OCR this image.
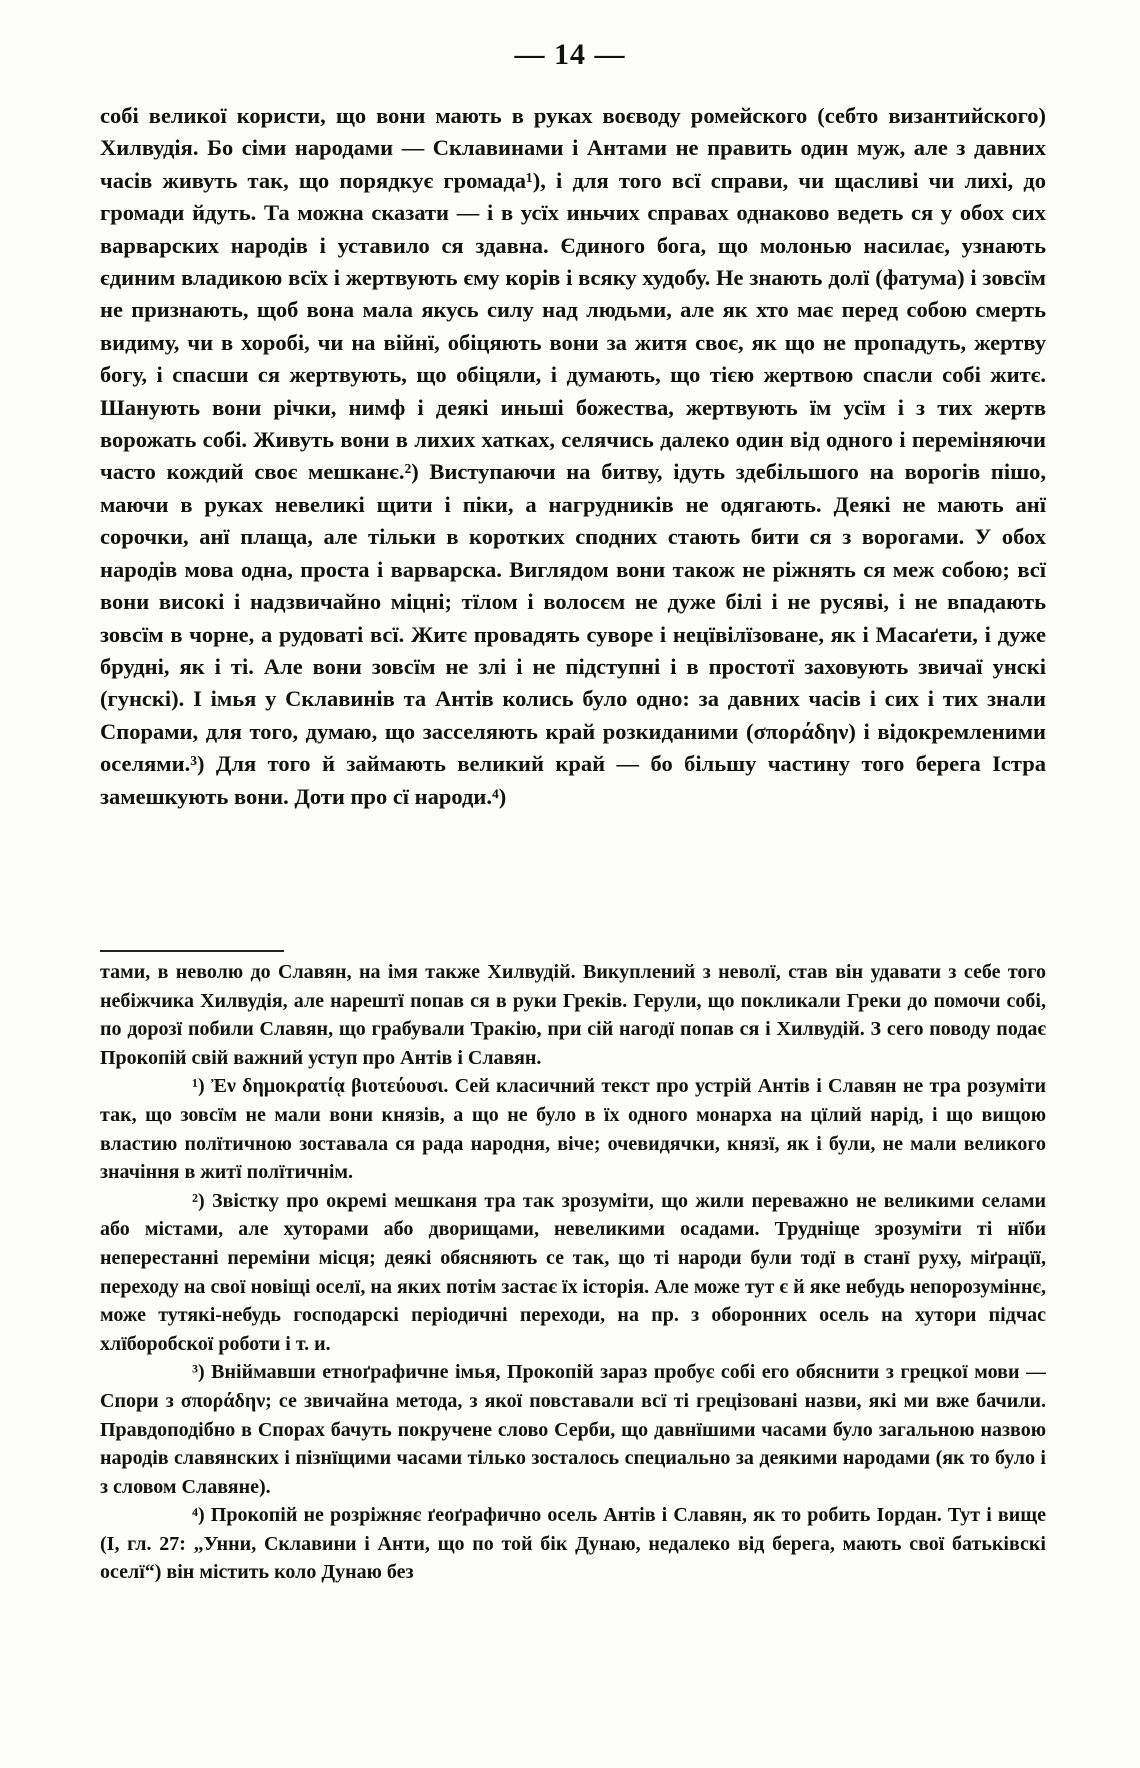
— 14 —

собі великої користи, що вони мають в руках воєводу ромейского (себто византийского) Хилвудія. Бо сіми народами — Склавинами і Антами не править один муж, але з давних часів живуть так, що порядкує громада¹), і для того всї справи, чи щасливі чи лихі, до громади йдуть. Та можна сказати — і в усїх иньчих справах однаково ведеть ся у обох сих варварских народів і уставило ся здавна. Єдиного бога, що молонью насилає, узнають єдиним владикою всїх і жертвують єму корів і всяку худобу. Не знають долї (фатума) і зовсїм не признають, щоб вона мала якусь силу над людьми, але як хто має перед собою смерть видиму, чи в хоробі, чи на війнї, обіцяють вони за житя своє, як що не пропадуть, жертву богу, і спасши ся жертвують, що обіцяли, і думають, що тією жертвою спасли собі житє. Шанують вони річки, нимф і деякі иньші божества, жертвують їм усїм і з тих жертв ворожать собі. Живуть вони в лихих хатках, селячись далеко один від одного і переміняючи часто кождий своє мешканє.²) Виступаючи на битву, ідуть здебільшого на ворогів пішо, маючи в руках невеликі щити і піки, а нагрудників не одягають. Деякі не мають анї сорочки, анї плаща, але тільки в коротких сподних стають бити ся з ворогами. У обох народів мова одна, проста і варварска. Виглядом вони також не ріжнять ся меж собою; всї вони високі і надзвичайно міцні; тїлом і волосєм не дуже білі і не русяві, і не впадають зовсїм в чорне, а рудоваті всї. Житє провадять суворе і нецївілїзоване, як і Масаґети, і дуже брудні, як і ті. Але вони зовсїм не злі і не підступні і в простотї заховують звичаї унскі (гунскі). І імья у Склавинів та Антів колись було одно: за давних часів і сих і тих знали Спорами, для того, думаю, що засселяють край розкиданими (σποράδην) і відокремленими оселями.³) Для того й займають великий край — бо більшу частину того берега Істра замешкують вони. Доти про сї народи.⁴)

тами, в неволю до Славян, на імя также Хилвудій. Викуплений з неволї, став він удавати з себе того небіжчика Хилвудія, але нарештї попав ся в руки Греків. Герули, що покликали Греки до помочи собі, по дорозї побили Славян, що грабували Тракію, при сій нагодї попав ся і Хилвудій. З сего поводу подає Прокопій свій важний уступ про Антів і Славян.

¹) Ἐν δημοκρατίᾳ βιοτεύουσι. Сей класичний текст про устрій Антів і Славян не тра розуміти так, що зовсїм не мали вони князів, а що не було в їх одного монарха на цїлий нарід, і що вищою властию полїтичною зоставала ся рада народня, віче; очевидячки, князї, як і були, не мали великого значіння в житї полїтичнім.

²) Звістку про окремі мешканя тра так зрозуміти, що жили переважно не великими селами або містами, але хуторами або дворищами, невеликими осадами. Трудніще зрозуміти ті нїби неперестанні переміни місця; деякі обясняють се так, що ті народи були тодї в станї руху, міґрацїї, переходу на свої новіщі оселї, на яких потім застає їх історія. Але може тут є й яке небудь непорозуміннє, може тутякі-небудь господарскі періодичні переходи, на пр. з оборонних осель на хутори підчас хлїборобскої роботи і т. и.

³) Вніймавши етноґрафичне імья, Прокопій зараз пробує собі его обяснити з грецкої мови — Спори з σποράδην; се звичайна метода, з якої повставали всї ті грецізовані назви, які ми вже бачили. Правдоподібно в Спорах бачуть покручене слово Серби, що давнїшими часами було загальною назвою народів славянских і пізнїщими часами тілько зосталось специально за деякими народами (як то було і з словом Славяне).

⁴) Прокопій не розріжняє ґеоґрафично осель Антів і Славян, як то робить Іордан. Тут і вище (I, гл. 27: „Унни, Склавини і Анти, що по той бік Дунаю, недалеко від берега, мають свої батьківскі оселї“) він містить коло Дунаю без
